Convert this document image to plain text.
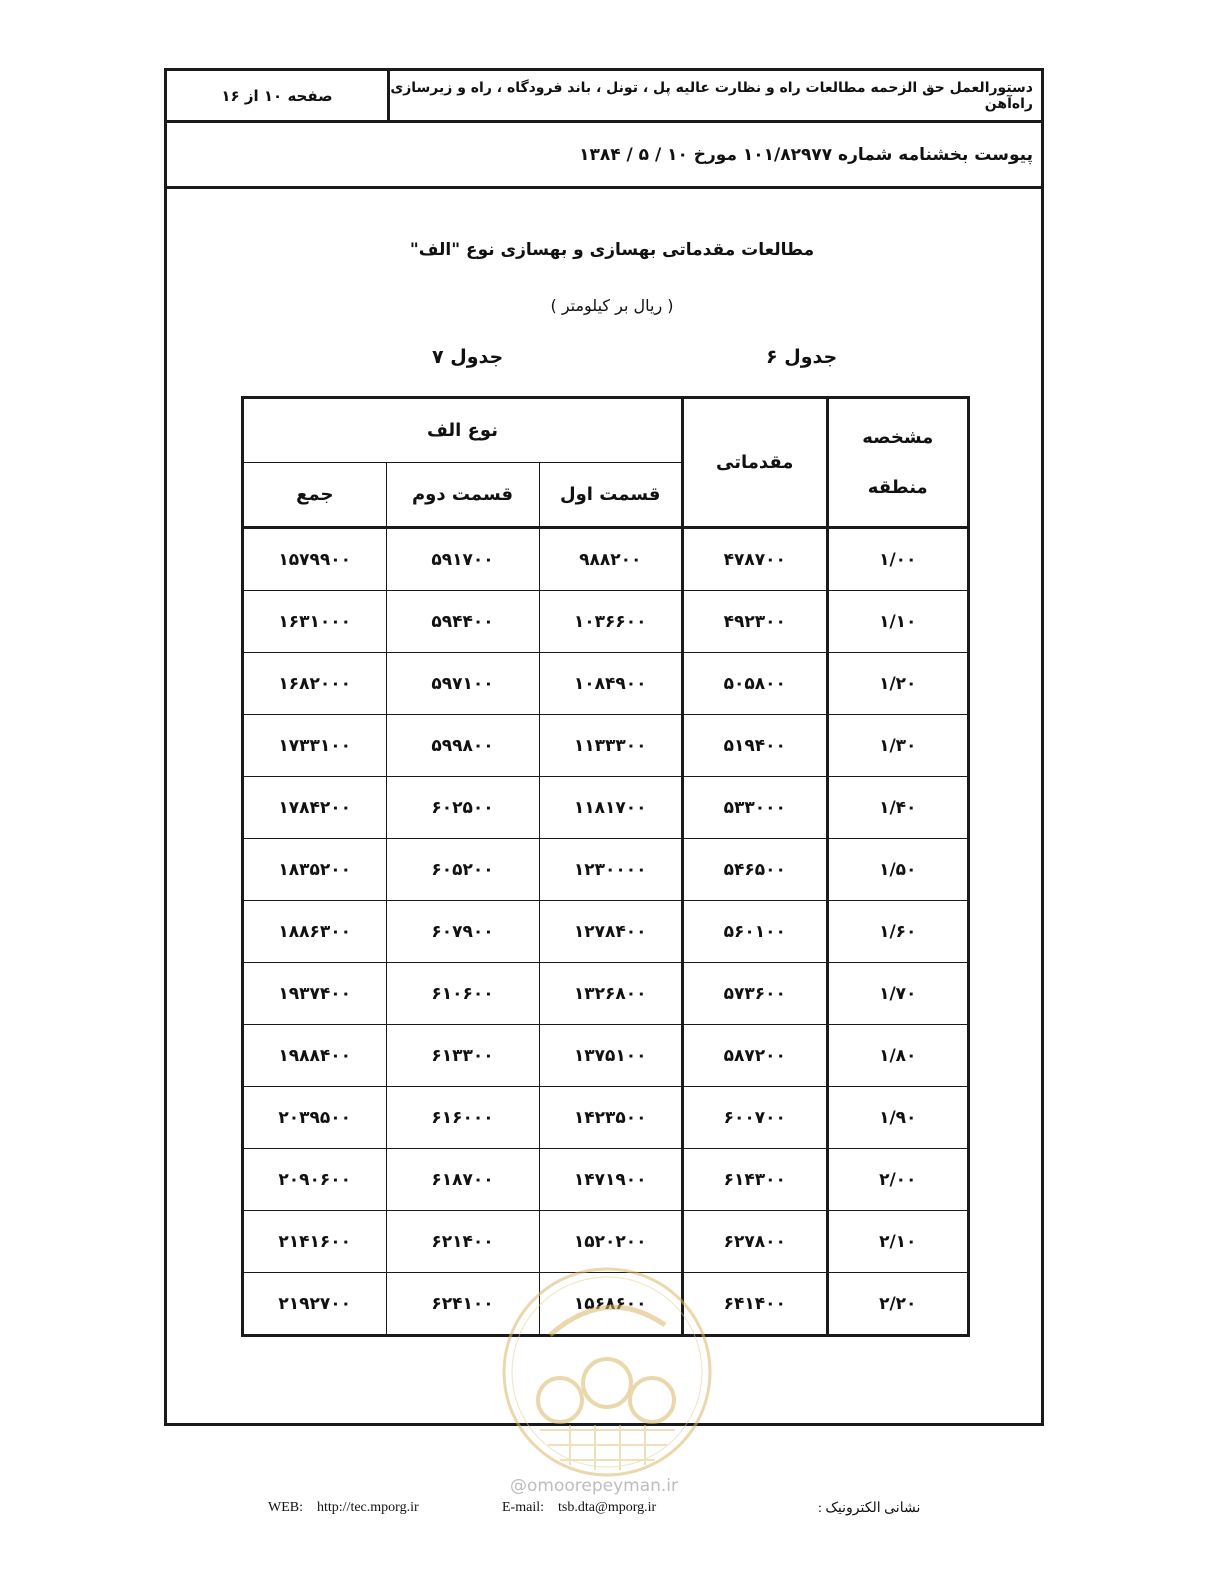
صفحه ۱۰ از ۱۶	دستورالعمل حق الزحمه مطالعات راه و نظارت عالیه پل ، تونل ، باند فرودگاه ، راه و زیرسازی راه‌آهن
پیوست بخشنامه شماره ۱۰۱/۸۲۹۷۷ مورخ ۱۰ / ۵ / ۱۳۸۴
مطالعات مقدماتی بهسازی و بهسازی نوع "الف"
( ریال بر کیلومتر )
جدول ۶
جدول ۷
مشخصه
منطقه	مقدماتی	نوع الف		
		قسمت اول	قسمت دوم	جمع
۱/۰۰	۴۷۸۷۰۰	۹۸۸۲۰۰	۵۹۱۷۰۰	۱۵۷۹۹۰۰
۱/۱۰	۴۹۲۳۰۰	۱۰۳۶۶۰۰	۵۹۴۴۰۰	۱۶۳۱۰۰۰
۱/۲۰	۵۰۵۸۰۰	۱۰۸۴۹۰۰	۵۹۷۱۰۰	۱۶۸۲۰۰۰
۱/۳۰	۵۱۹۴۰۰	۱۱۳۳۳۰۰	۵۹۹۸۰۰	۱۷۳۳۱۰۰
۱/۴۰	۵۳۳۰۰۰	۱۱۸۱۷۰۰	۶۰۲۵۰۰	۱۷۸۴۲۰۰
۱/۵۰	۵۴۶۵۰۰	۱۲۳۰۰۰۰	۶۰۵۲۰۰	۱۸۳۵۲۰۰
۱/۶۰	۵۶۰۱۰۰	۱۲۷۸۴۰۰	۶۰۷۹۰۰	۱۸۸۶۳۰۰
۱/۷۰	۵۷۳۶۰۰	۱۳۲۶۸۰۰	۶۱۰۶۰۰	۱۹۳۷۴۰۰
۱/۸۰	۵۸۷۲۰۰	۱۳۷۵۱۰۰	۶۱۳۳۰۰	۱۹۸۸۴۰۰
۱/۹۰	۶۰۰۷۰۰	۱۴۲۳۵۰۰	۶۱۶۰۰۰	۲۰۳۹۵۰۰
۲/۰۰	۶۱۴۳۰۰	۱۴۷۱۹۰۰	۶۱۸۷۰۰	۲۰۹۰۶۰۰
۲/۱۰	۶۲۷۸۰۰	۱۵۲۰۲۰۰	۶۲۱۴۰۰	۲۱۴۱۶۰۰
۲/۲۰	۶۴۱۴۰۰	۱۵۶۸۶۰۰	۶۲۴۱۰۰	۲۱۹۲۷۰۰
@omoorepeyman.ir
WEB: http://tec.mporg.ir	E-mail: tsb.dta@mporg.ir	نشانی الکترونیک :
